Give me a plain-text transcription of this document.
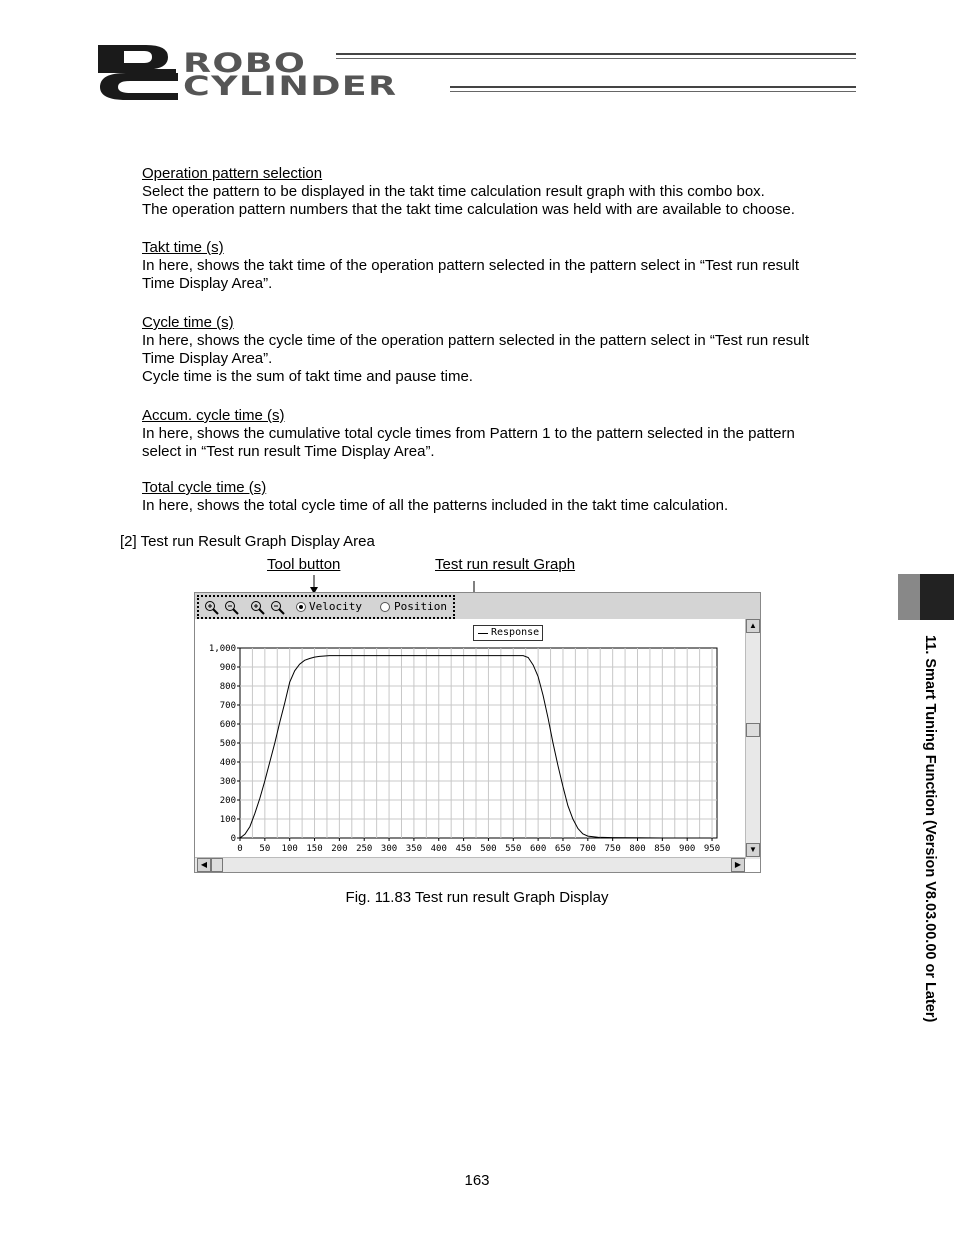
ROBO
CYLINDER
Operation pattern selection
Select the pattern to be displayed in the takt time calculation result graph with this combo box.
The operation pattern numbers that the takt time calculation was held with are available to choose.
Takt time (s)
In here, shows the takt time of the operation pattern selected in the pattern select in “Test run result
Time Display Area”.
Cycle time (s)
In here, shows the cycle time of the operation pattern selected in the pattern select in “Test run result
Time Display Area”.
Cycle time is the sum of takt time and pause time.
Accum. cycle time (s)
In here, shows the cumulative total cycle times from Pattern 1 to the pattern selected in the pattern
select in “Test run result Time Display Area”.
Total cycle time (s)
In here, shows the total cycle time of all the patterns included in the takt time calculation.
[2] Test run Result Graph Display Area
Tool button	Test run result Graph
Velocity	Position
0 50 100 150 200 250 300 350 400 450 500 550 600 650 700 750 800 850 900 950
0
100
200
300
400
500
600
700
800
900
1,000
Response
▲
▼
◀	▶
Fig. 11.83 Test run result Graph Display
163
11. Smart Tuning Function (Version V8.03.00.00 or Later)
